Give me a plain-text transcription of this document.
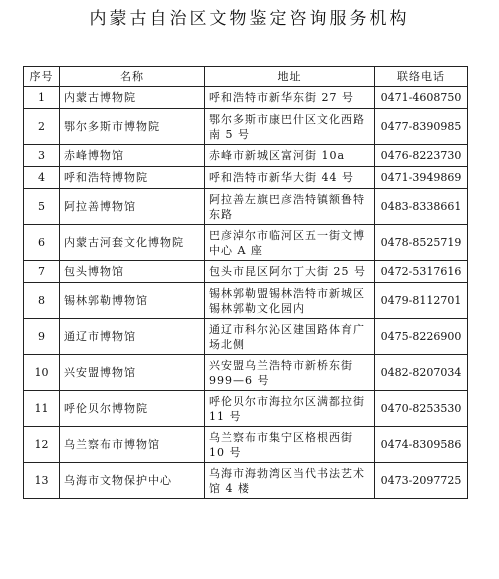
内蒙古自治区文物鉴定咨询服务机构
序号	名称	地址	联络电话
1	内蒙古博物院	呼和浩特市新华东街 27 号	0471-4608750
2	鄂尔多斯市博物院	鄂尔多斯市康巴什区文化西路南 5 号	0477-8390985
3	赤峰博物馆	赤峰市新城区富河街 10a	0476-8223730
4	呼和浩特博物院	呼和浩特市新华大街 44 号	0471-3949869
5	阿拉善博物馆	阿拉善左旗巴彦浩特镇额鲁特东路	0483-8338661
6	内蒙古河套文化博物院	巴彦淖尔市临河区五一街文博中心 A 座	0478-8525719
7	包头博物馆	包头市昆区阿尔丁大街 25 号	0472-5317616
8	锡林郭勒博物馆	锡林郭勒盟锡林浩特市新城区锡林郭勒文化园内	0479-8112701
9	通辽市博物馆	通辽市科尔沁区建国路体育广场北侧	0475-8226900
10	兴安盟博物馆	兴安盟乌兰浩特市新桥东街 999—6 号	0482-8207034
11	呼伦贝尔博物院	呼伦贝尔市海拉尔区满都拉街 11 号	0470-8253530
12	乌兰察布市博物馆	乌兰察布市集宁区格根西街 10 号	0474-8309586
13	乌海市文物保护中心	乌海市海勃湾区当代书法艺术馆 4 楼	0473-2097725
